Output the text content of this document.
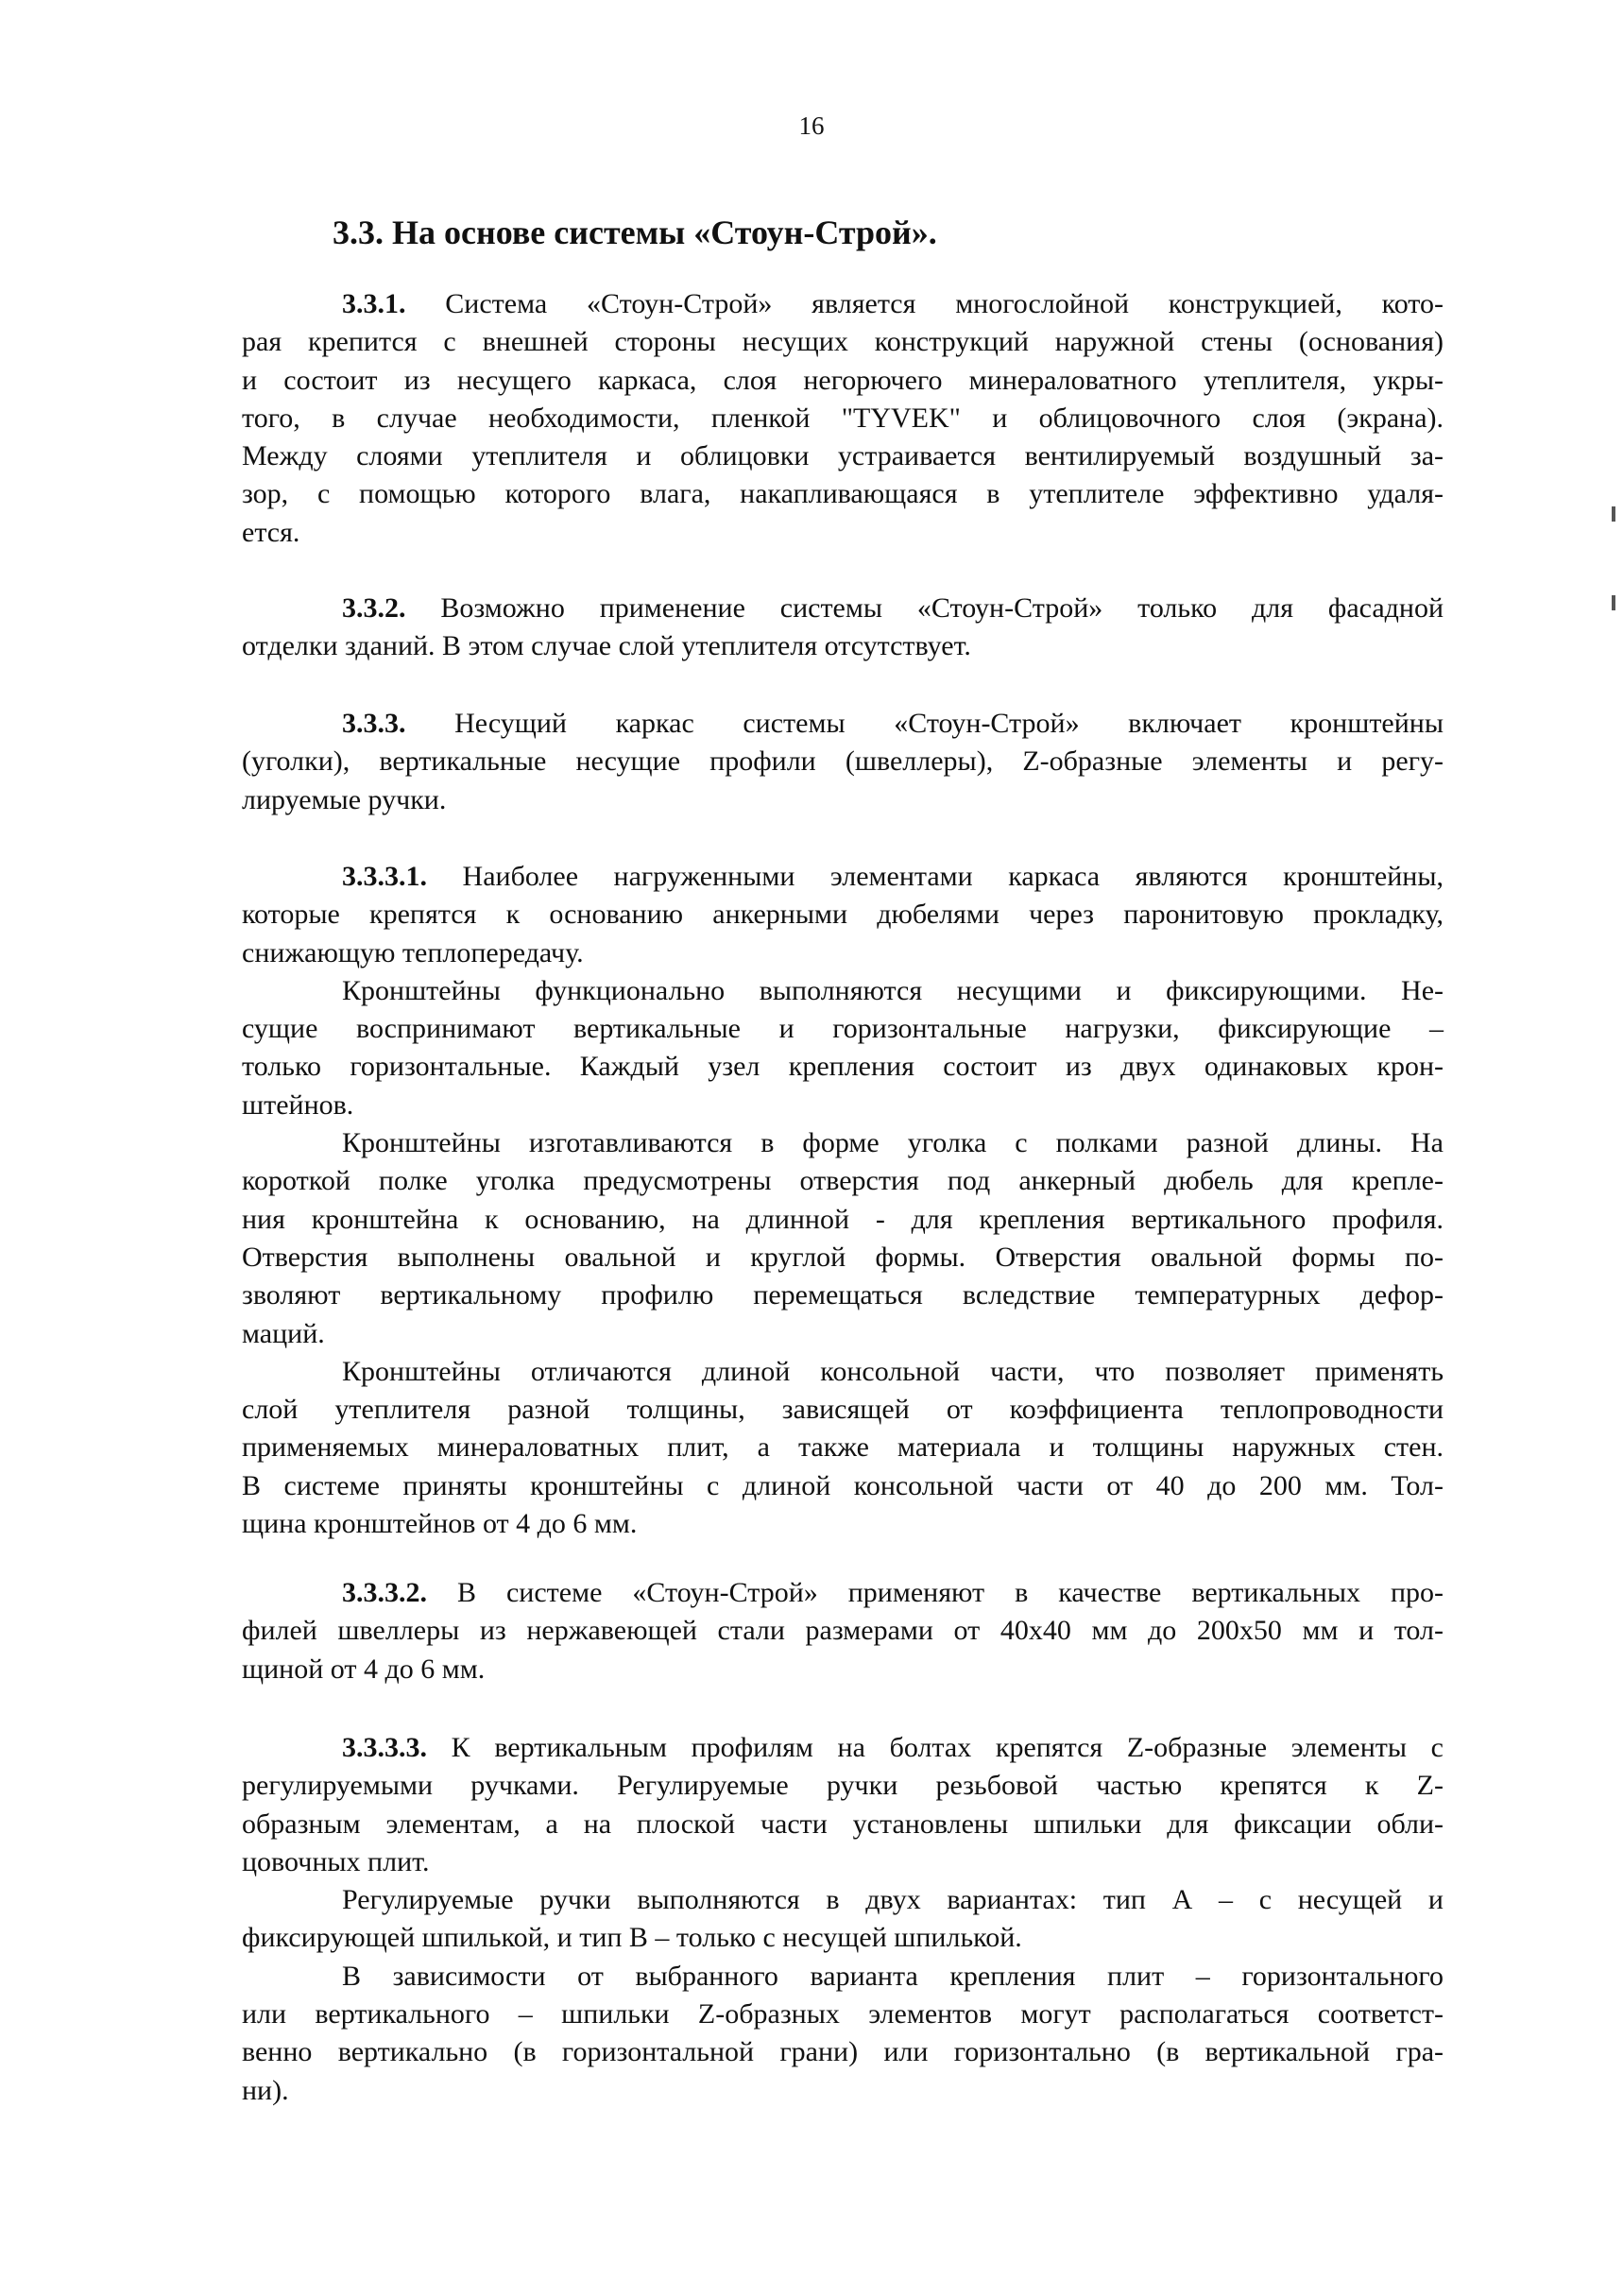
16
3.3. На основе системы «Стоун-Строй».
3.3.1. Система «Стоун-Строй» является многослойной конструкцией, кото-
рая крепится с внешней стороны несущих конструкций наружной стены (основания)
и состоит из несущего каркаса, слоя негорючего минераловатного утеплителя, укры-
того, в случае необходимости, пленкой "TYVEK" и облицовочного слоя (экрана).
Между слоями утеплителя и облицовки устраивается вентилируемый воздушный за-
зор, с помощью которого влага, накапливающаяся в утеплителе эффективно удаля-
ется.
3.3.2. Возможно применение системы «Стоун-Строй» только для фасадной
отделки зданий. В этом случае слой утеплителя отсутствует.
3.3.3. Несущий каркас системы «Стоун-Строй» включает кронштейны
(уголки), вертикальные несущие профили (швеллеры), Z-образные элементы и регу-
лируемые ручки.
3.3.3.1. Наиболее нагруженными элементами каркаса являются кронштейны,
которые крепятся к основанию анкерными дюбелями через паронитовую прокладку,
снижающую теплопередачу.
Кронштейны функционально выполняются несущими и фиксирующими. Не-
сущие воспринимают вертикальные и горизонтальные нагрузки, фиксирующие –
только горизонтальные. Каждый узел крепления состоит из двух одинаковых крон-
штейнов.
Кронштейны изготавливаются в форме уголка с полками разной длины. На
короткой полке уголка предусмотрены отверстия под анкерный дюбель для крепле-
ния кронштейна к основанию, на длинной - для крепления вертикального профиля.
Отверстия выполнены овальной и круглой формы. Отверстия овальной формы по-
зволяют вертикальному профилю перемещаться вследствие температурных дефор-
маций.
Кронштейны отличаются длиной консольной части, что позволяет применять
слой утеплителя разной толщины, зависящей от коэффициента теплопроводности
применяемых минераловатных плит, а также материала и толщины наружных стен.
В системе приняты кронштейны с длиной консольной части от 40 до 200 мм. Тол-
щина кронштейнов от 4 до 6 мм.
3.3.3.2. В системе «Стоун-Строй» применяют в качестве вертикальных про-
филей швеллеры из нержавеющей стали размерами от 40х40 мм до 200х50 мм и тол-
щиной от 4 до 6 мм.
3.3.3.3. К вертикальным профилям на болтах крепятся Z-образные элементы с
регулируемыми ручками. Регулируемые ручки резьбовой частью крепятся к Z-
образным элементам, а на плоской части установлены шпильки для фиксации обли-
цовочных плит.
Регулируемые ручки выполняются в двух вариантах: тип А – с несущей и
фиксирующей шпилькой, и тип В – только с несущей шпилькой.
В зависимости от выбранного варианта крепления плит – горизонтального
или вертикального – шпильки Z-образных элементов могут располагаться соответст-
венно вертикально (в горизонтальной грани) или горизонтально (в вертикальной гра-
ни).
